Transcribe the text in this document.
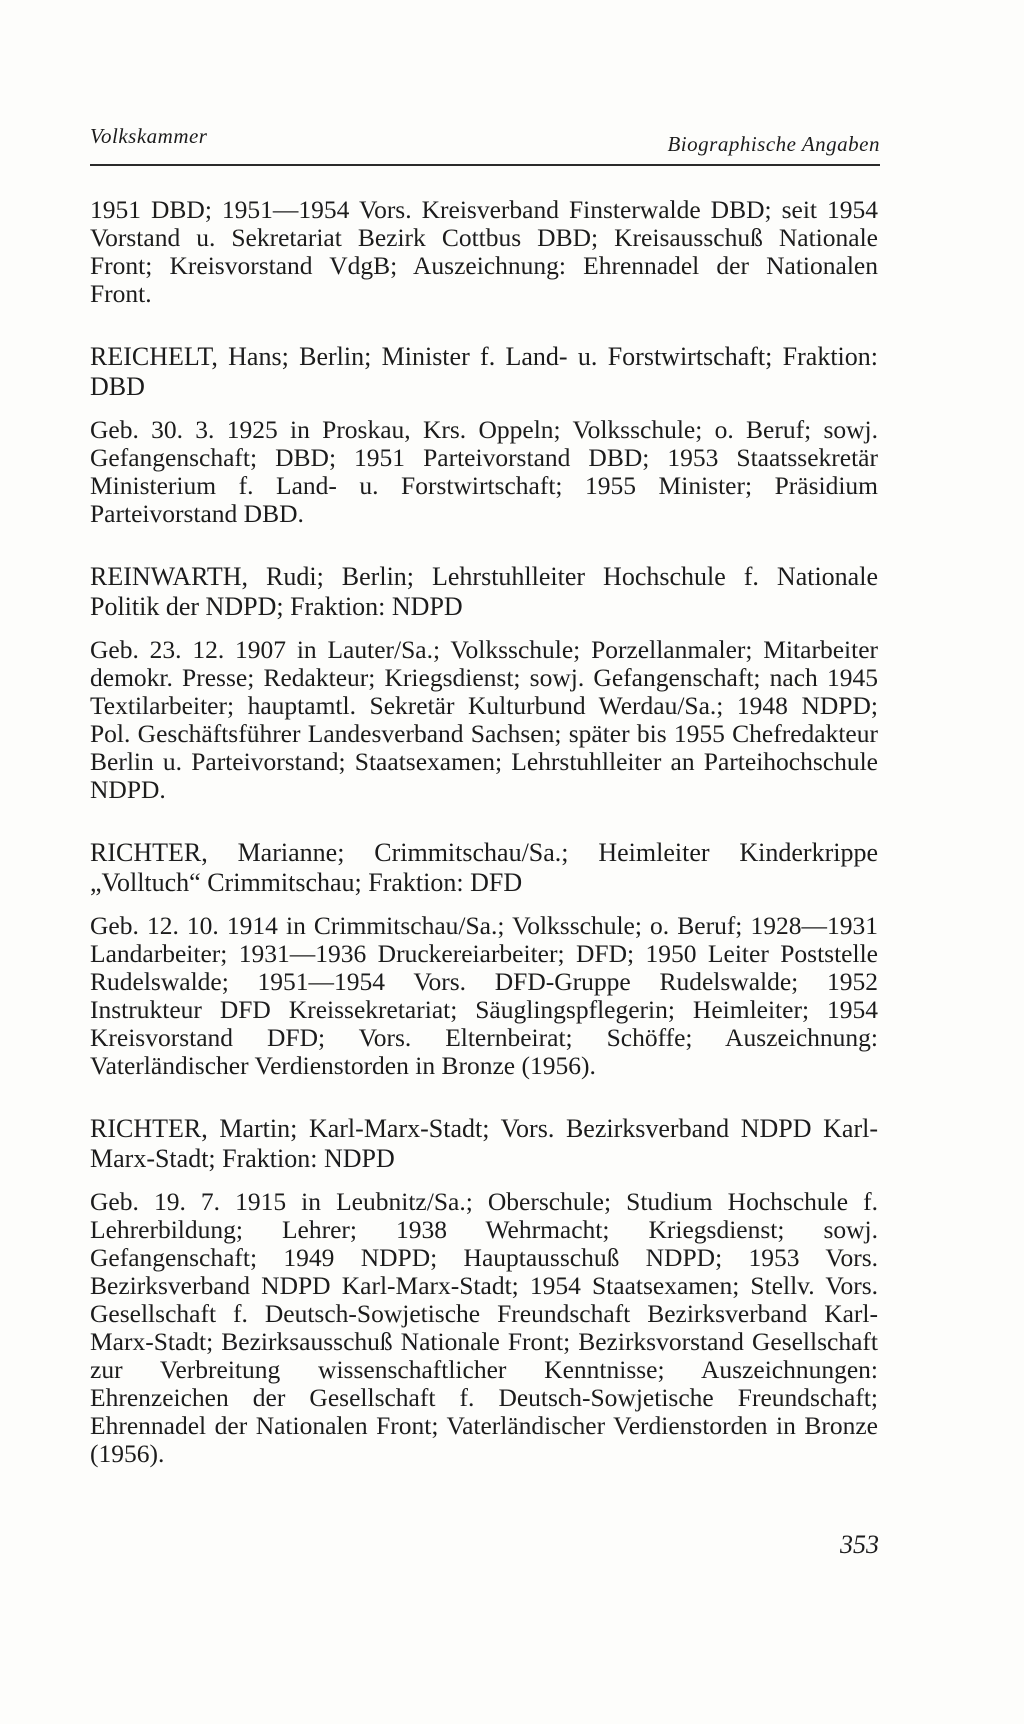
Volkskammer	Biographische Angaben

1951 DBD; 1951—1954 Vors. Kreisverband Finsterwalde DBD; seit 1954 Vorstand u. Sekretariat Bezirk Cottbus DBD; Kreisausschuß Nationale Front; Kreisvorstand VdgB; Auszeichnung: Ehrennadel der Nationalen Front.

REICHELT, Hans; Berlin; Minister f. Land- u. Forstwirtschaft; Fraktion: DBD

Geb. 30. 3. 1925 in Proskau, Krs. Oppeln; Volksschule; o. Beruf; sowj. Gefangenschaft; DBD; 1951 Parteivorstand DBD; 1953 Staatssekretär Ministerium f. Land- u. Forstwirtschaft; 1955 Minister; Präsidium Parteivorstand DBD.

REINWARTH, Rudi; Berlin; Lehrstuhlleiter Hochschule f. Nationale Politik der NDPD; Fraktion: NDPD

Geb. 23. 12. 1907 in Lauter/Sa.; Volksschule; Porzellanmaler; Mitarbeiter demokr. Presse; Redakteur; Kriegsdienst; sowj. Gefangenschaft; nach 1945 Textilarbeiter; hauptamtl. Sekretär Kulturbund Werdau/Sa.; 1948 NDPD; Pol. Geschäftsführer Landesverband Sachsen; später bis 1955 Chefredakteur Berlin u. Parteivorstand; Staatsexamen; Lehrstuhlleiter an Parteihochschule NDPD.

RICHTER, Marianne; Crimmitschau/Sa.; Heimleiter Kinderkrippe „Volltuch“ Crimmitschau; Fraktion: DFD

Geb. 12. 10. 1914 in Crimmitschau/Sa.; Volksschule; o. Beruf; 1928—1931 Landarbeiter; 1931—1936 Druckereiarbeiter; DFD; 1950 Leiter Poststelle Rudelswalde; 1951—1954 Vors. DFD-Gruppe Rudelswalde; 1952 Instrukteur DFD Kreissekretariat; Säuglingspflegerin; Heimleiter; 1954 Kreisvorstand DFD; Vors. Elternbeirat; Schöffe; Auszeichnung: Vaterländischer Verdienstorden in Bronze (1956).

RICHTER, Martin; Karl-Marx-Stadt; Vors. Bezirksverband NDPD Karl-Marx-Stadt; Fraktion: NDPD

Geb. 19. 7. 1915 in Leubnitz/Sa.; Oberschule; Studium Hochschule f. Lehrerbildung; Lehrer; 1938 Wehrmacht; Kriegsdienst; sowj. Gefangenschaft; 1949 NDPD; Hauptausschuß NDPD; 1953 Vors. Bezirksverband NDPD Karl-Marx-Stadt; 1954 Staatsexamen; Stellv. Vors. Gesellschaft f. Deutsch-Sowjetische Freundschaft Bezirksverband Karl-Marx-Stadt; Bezirksausschuß Nationale Front; Bezirksvorstand Gesellschaft zur Verbreitung wissenschaftlicher Kenntnisse; Auszeichnungen: Ehrenzeichen der Gesellschaft f. Deutsch-Sowjetische Freundschaft; Ehrennadel der Nationalen Front; Vaterländischer Verdienstorden in Bronze (1956).

353
